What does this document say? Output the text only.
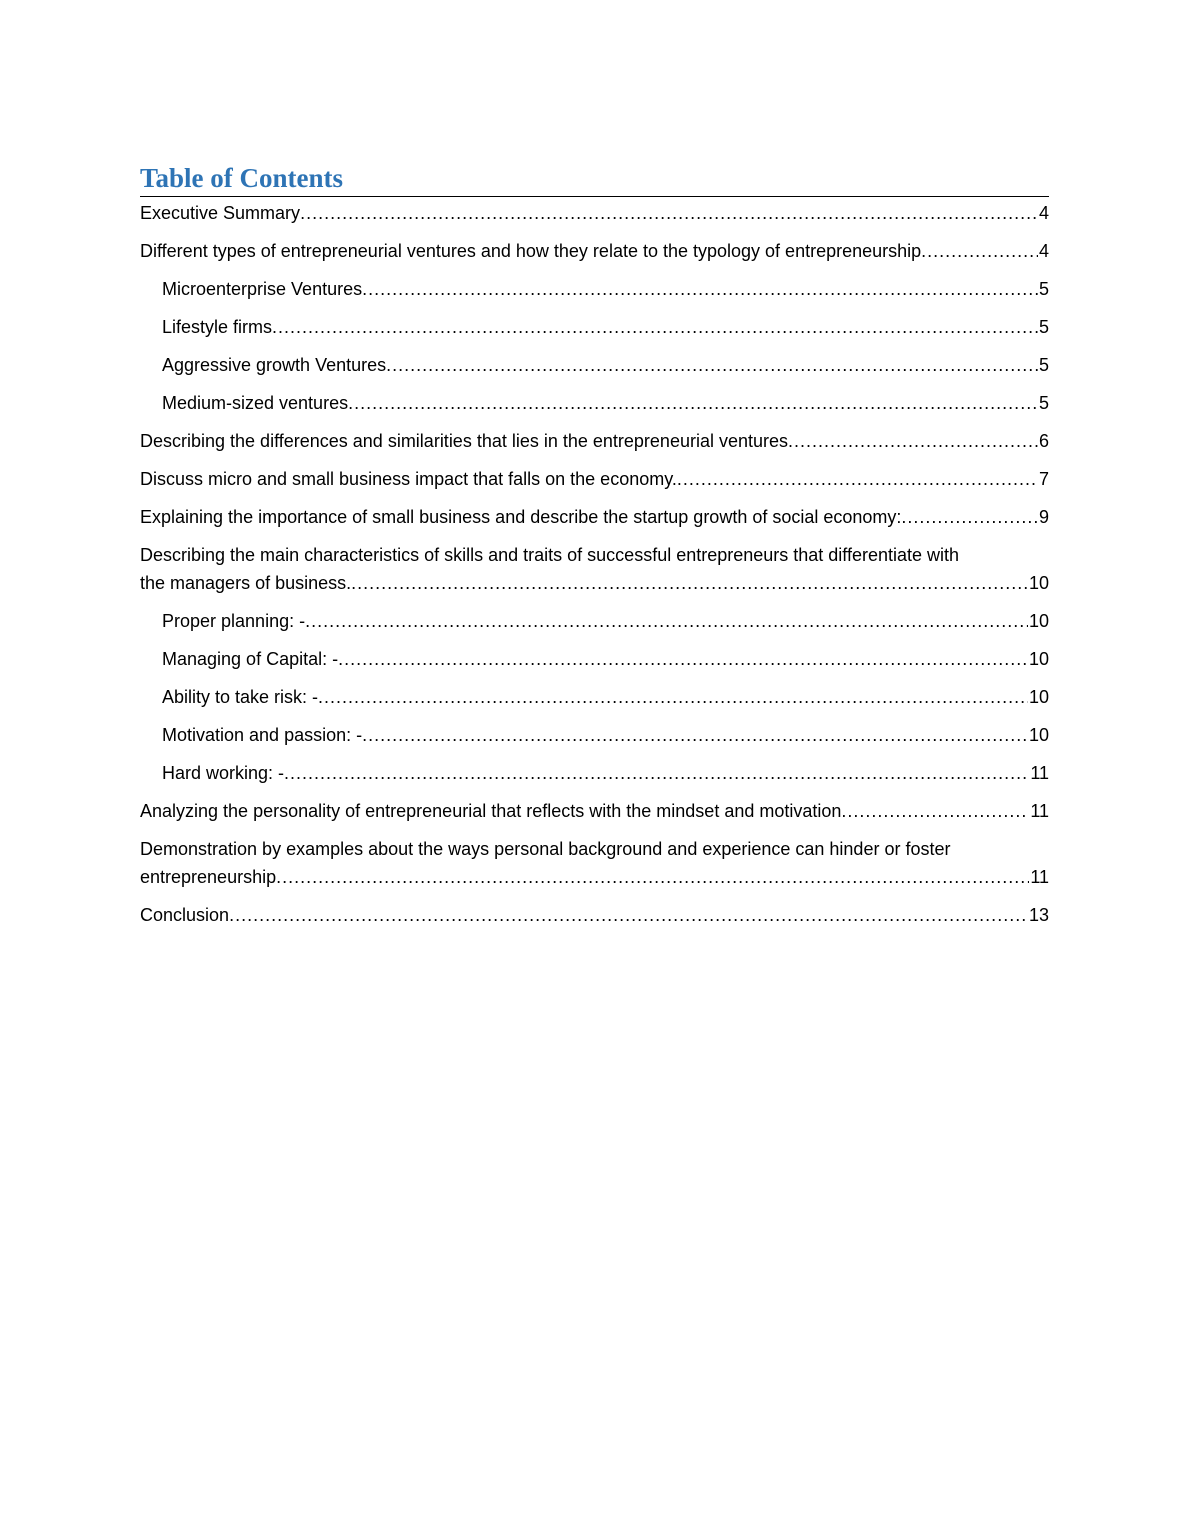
Table of Contents
Executive Summary .....	4
Different types of entrepreneurial ventures and how they relate to the typology of entrepreneurship .....	4
Microenterprise Ventures .....	5
Lifestyle firms .....	5
Aggressive growth Ventures .....	5
Medium-sized ventures .....	5
Describing the differences and similarities that lies in the entrepreneurial ventures .....	6
Discuss micro and small business impact that falls on the economy. .....	7
Explaining the importance of small business and describe the startup growth of social economy: .....	9
Describing the main characteristics of skills and traits of successful entrepreneurs that differentiate with
the managers of business. .....	10
Proper planning: - .....	10
Managing of Capital: - .....	10
Ability to take risk: - .....	10
Motivation and passion: - .....	10
Hard working: - .....	11
Analyzing the personality of entrepreneurial that reflects with the mindset and motivation .....	11
Demonstration by examples about the ways personal background and experience can hinder or foster
entrepreneurship .....	11
Conclusion .....	13
